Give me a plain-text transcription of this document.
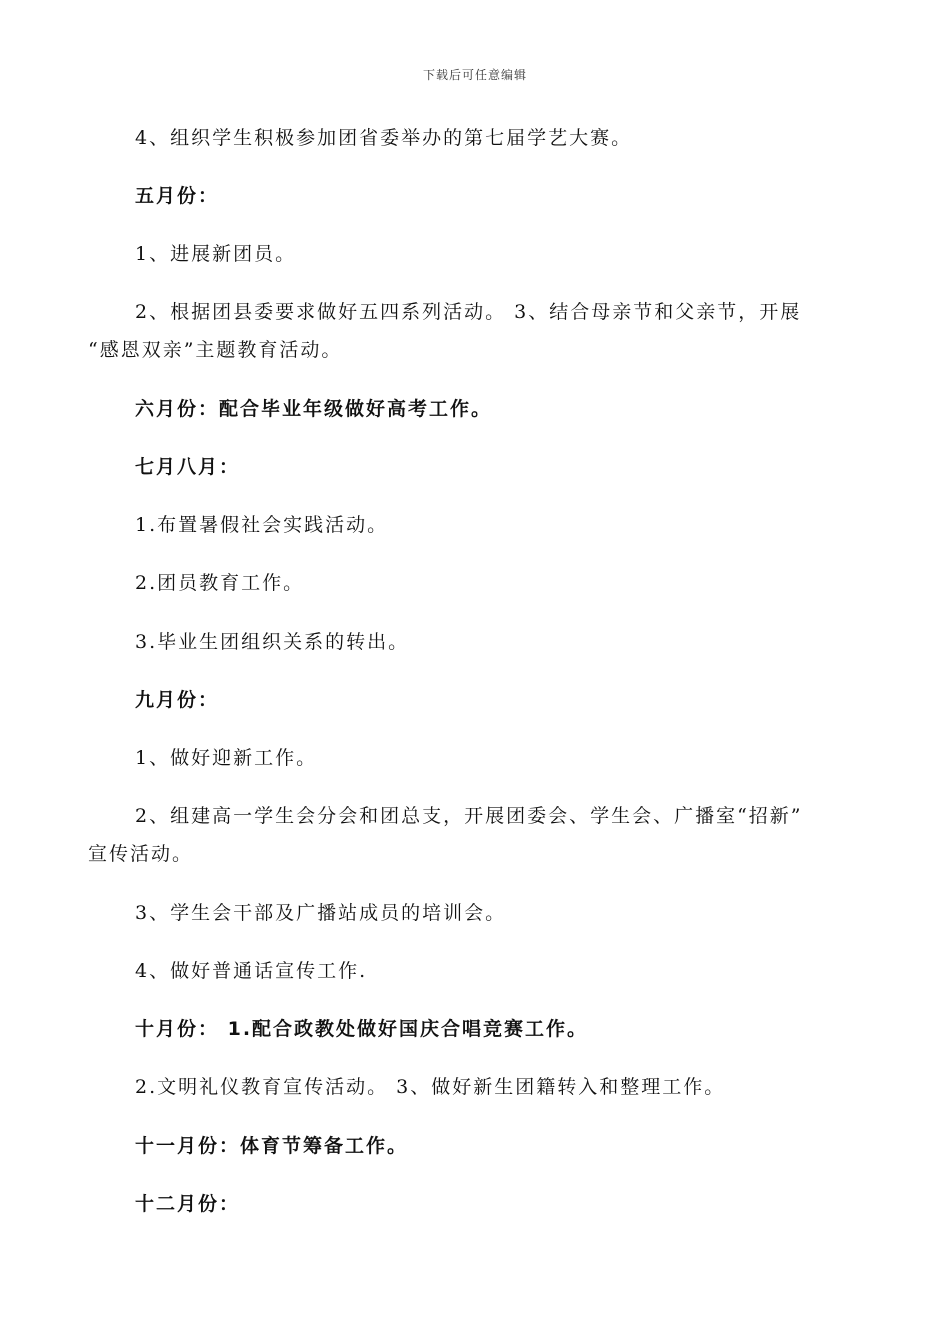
下载后可任意编辑
4、组织学生积极参加团省委举办的第七届学艺大赛。
五月份：
1、进展新团员。
2、根据团县委要求做好五四系列活动。 3、结合母亲节和父亲节，开展
“感恩双亲”主题教育活动。
六月份：配合毕业年级做好高考工作。
七月八月：
1.布置暑假社会实践活动。
2.团员教育工作。
3.毕业生团组织关系的转出。
九月份：
1、做好迎新工作。
2、组建高一学生会分会和团总支，开展团委会、学生会、广播室“招新”
宣传活动。
3、学生会干部及广播站成员的培训会。
4、做好普通话宣传工作.
十月份： 1.配合政教处做好国庆合唱竞赛工作。
2.文明礼仪教育宣传活动。 3、做好新生团籍转入和整理工作。
十一月份：体育节筹备工作。
十二月份：
